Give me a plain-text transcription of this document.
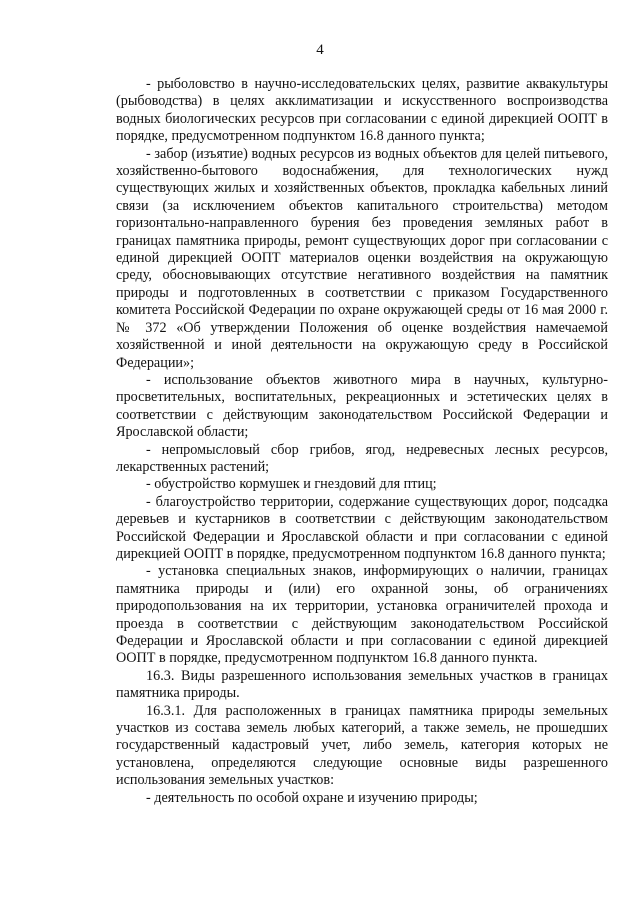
4

- рыболовство в научно-исследовательских целях, развитие аквакультуры (рыбоводства) в целях акклиматизации и искусственного воспроизводства водных биологических ресурсов при согласовании с единой дирекцией ООПТ в порядке, предусмотренном подпунктом 16.8 данного пункта;

- забор (изъятие) водных ресурсов из водных объектов для целей питьевого, хозяйственно-бытового водоснабжения, для технологических нужд существующих жилых и хозяйственных объектов, прокладка кабельных линий связи (за исключением объектов капитального строительства) методом горизонтально-направленного бурения без проведения земляных работ в границах памятника природы, ремонт существующих дорог при согласовании с единой дирекцией ООПТ материалов оценки воздействия на окружающую среду, обосновывающих отсутствие негативного воздействия на памятник природы и подготовленных в соответствии с приказом Государственного комитета Российской Федерации по охране окружающей среды от 16 мая 2000 г. № 372 «Об утверждении Положения об оценке воздействия намечаемой хозяйственной и иной деятельности на окружающую среду в Российской Федерации»;

- использование объектов животного мира в научных, культурно-просветительных, воспитательных, рекреационных и эстетических целях в соответствии с действующим законодательством Российской Федерации и Ярославской области;

- непромысловый сбор грибов, ягод, недревесных лесных ресурсов, лекарственных растений;

- обустройство кормушек и гнездовий для птиц;

- благоустройство территории, содержание существующих дорог, подсадка деревьев и кустарников в соответствии с действующим законодательством Российской Федерации и Ярославской области и при согласовании с единой дирекцией ООПТ в порядке, предусмотренном подпунктом 16.8 данного пункта;

- установка специальных знаков, информирующих о наличии, границах памятника природы и (или) его охранной зоны, об ограничениях природопользования на их территории, установка ограничителей прохода и проезда в соответствии с действующим законодательством Российской Федерации и Ярославской области и при согласовании с единой дирекцией ООПТ в порядке, предусмотренном подпунктом 16.8 данного пункта.

16.3. Виды разрешенного использования земельных участков в границах памятника природы.

16.3.1. Для расположенных в границах памятника природы земельных участков из состава земель любых категорий, а также земель, не прошедших государственный кадастровый учет, либо земель, категория которых не установлена, определяются следующие основные виды разрешенного использования земельных участков:

- деятельность по особой охране и изучению природы;
